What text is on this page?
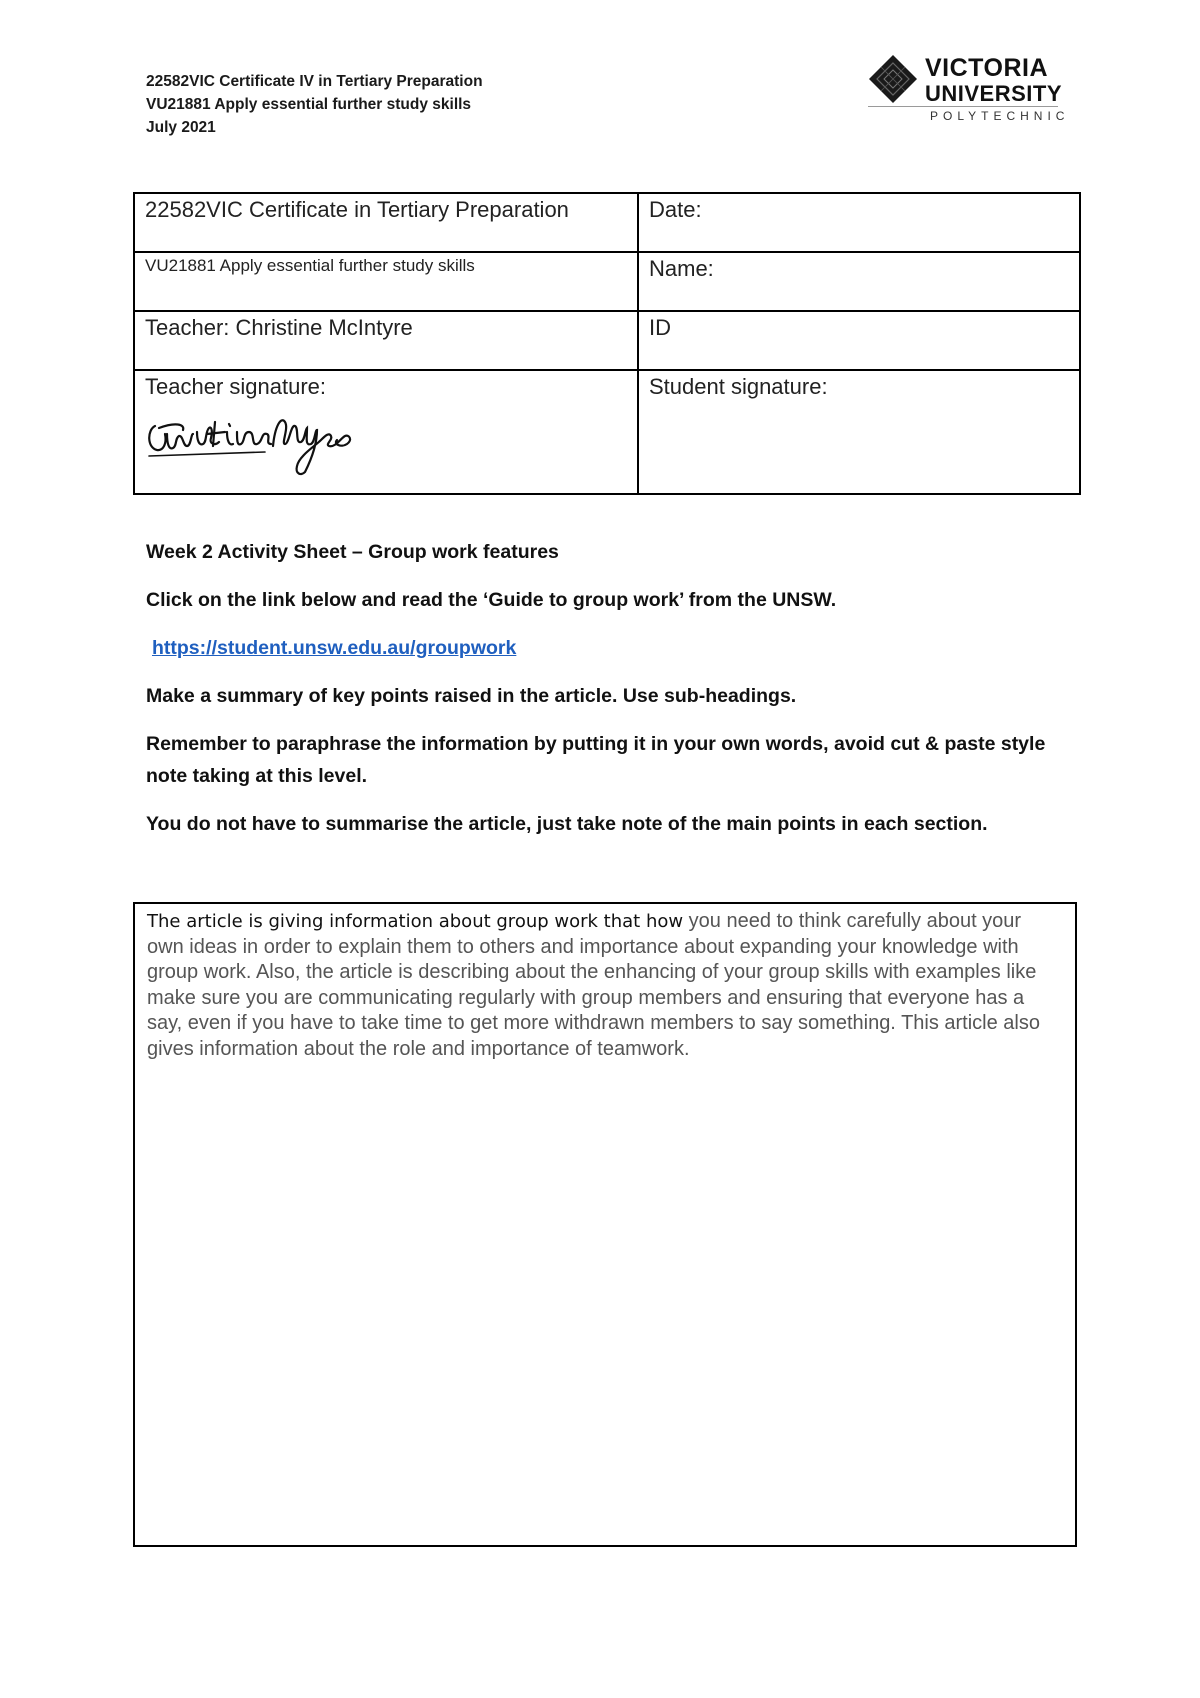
22582VIC Certificate IV in Tertiary Preparation
VU21881 Apply essential further study skills
July 2021
VICTORIA
UNIVERSITY
POLYTECHNIC
22582VIC Certificate in Tertiary Preparation	Date:
VU21881 Apply essential further study skills	Name:
Teacher: Christine McIntyre	ID
Teacher signature:	Student signature:

Week 2 Activity Sheet – Group work features

Click on the link below and read the ‘Guide to group work’ from the UNSW.

https://student.unsw.edu.au/groupwork

Make a summary of key points raised in the article. Use sub-headings.

Remember to paraphrase the information by putting it in your own words, avoid cut & paste style note taking at this level.

You do not have to summarise the article, just take note of the main points in each section.

The article is giving information about group work that how you need to think carefully about your own ideas in order to explain them to others and importance about expanding your knowledge with group work. Also, the article is describing about the enhancing of your group skills with examples like make sure you are communicating regularly with group members and ensuring that everyone has a say, even if you have to take time to get more withdrawn members to say something. This article also gives information about the role and importance of teamwork.
